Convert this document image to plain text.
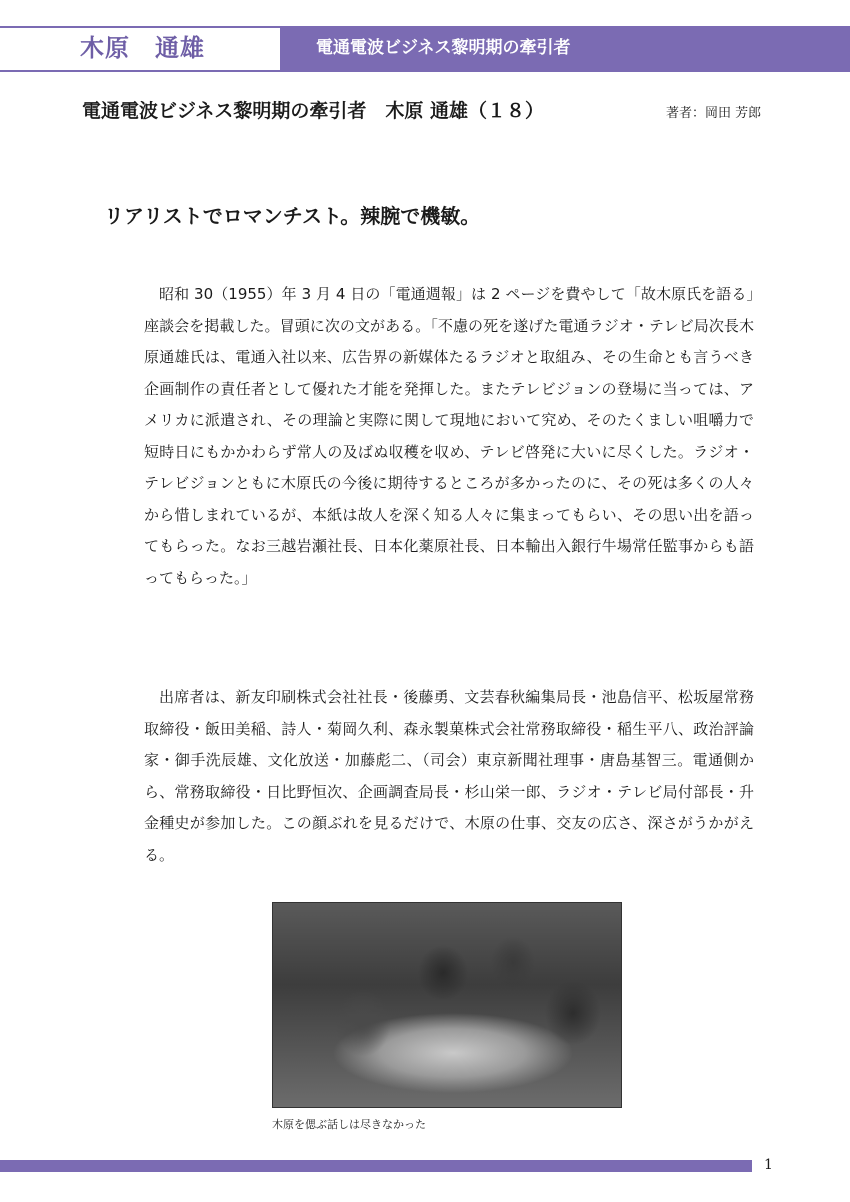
木原　通雄	電通電波ビジネス黎明期の牽引者
電通電波ビジネス黎明期の牽引者　木原 通雄（１８）	著者：岡田 芳郎
リアリストでロマンチスト。辣腕で機敏。

昭和 30（1955）年 3 月 4 日の「電通週報」は 2 ページを費やして「故木原氏を語る」座談会を掲載した。冒頭に次の文がある。「不慮の死を遂げた電通ラジオ・テレビ局次長木原通雄氏は、電通入社以来、広告界の新媒体たるラジオと取組み、その生命とも言うべき企画制作の責任者として優れた才能を発揮した。またテレビジョンの登場に当っては、アメリカに派遣され、その理論と実際に関して現地において究め、そのたくましい咀嚼力で短時日にもかかわらず常人の及ばぬ収穫を収め、テレビ啓発に大いに尽くした。ラジオ・テレビジョンともに木原氏の今後に期待するところが多かったのに、その死は多くの人々から惜しまれているが、本紙は故人を深く知る人々に集まってもらい、その思い出を語ってもらった。なお三越岩瀬社長、日本化薬原社長、日本輸出入銀行牛場常任監事からも語ってもらった。」

出席者は、新友印刷株式会社社長・後藤勇、文芸春秋編集局長・池島信平、松坂屋常務取締役・飯田美稲、詩人・菊岡久利、森永製菓株式会社常務取締役・稲生平八、政治評論家・御手洗辰雄、文化放送・加藤彪二、（司会）東京新聞社理事・唐島基智三。電通側から、常務取締役・日比野恒次、企画調査局長・杉山栄一郎、ラジオ・テレビ局付部長・升金種史が参加した。この顔ぶれを見るだけで、木原の仕事、交友の広さ、深さがうかがえる。

木原を偲ぶ話しは尽きなかった
1
